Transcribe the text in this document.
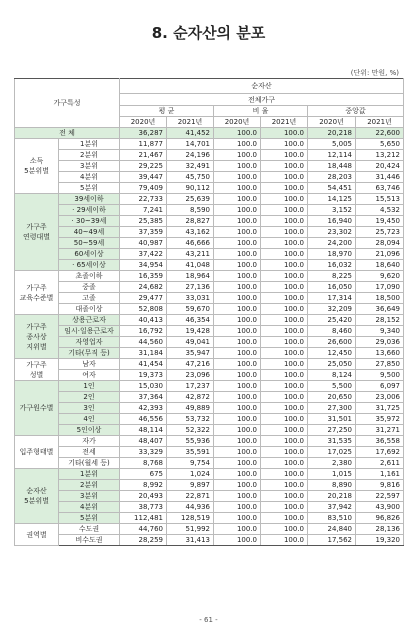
8. 순자산의 분포
(단위: 만원, %)
가구특성		순자산					
		전체가구					
		평 균		비 율		중앙값	
		2020년	2021년	2020년	2021년	2020년	2021년
전 체		36,287	41,452	100.0	100.0	20,218	22,600
소득
5분위별	1분위	11,877	14,701	100.0	100.0	5,005	5,650
	2분위	21,467	24,196	100.0	100.0	12,114	13,212
	3분위	29,225	32,491	100.0	100.0	18,448	20,424
	4분위	39,447	45,750	100.0	100.0	28,203	31,446
	5분위	79,409	90,112	100.0	100.0	54,451	63,746
가구주
연령대별	39세이하	22,733	25,639	100.0	100.0	14,125	15,513
	· 29세이하	7,241	8,590	100.0	100.0	3,152	4,532
	· 30~39세	25,385	28,827	100.0	100.0	16,940	19,450
	40~49세	37,359	43,162	100.0	100.0	23,302	25,723
	50~59세	40,987	46,666	100.0	100.0	24,200	28,094
	60세이상	37,422	43,211	100.0	100.0	18,970	21,096
	· 65세이상	34,954	41,048	100.0	100.0	16,032	18,640
가구주
교육수준별	초졸이하	16,359	18,964	100.0	100.0	8,225	9,620
	중졸	24,682	27,136	100.0	100.0	16,050	17,090
	고졸	29,477	33,031	100.0	100.0	17,314	18,500
	대졸이상	52,808	59,670	100.0	100.0	32,209	36,649
가구주
종사상
지위별	상용근로자	40,413	46,354	100.0	100.0	25,420	28,152
	임시·일용근로자	16,792	19,428	100.0	100.0	8,460	9,340
	자영업자	44,560	49,041	100.0	100.0	26,600	29,036
	기타(무직 등)	31,184	35,947	100.0	100.0	12,450	13,660
가구주
성별	남자	41,454	47,216	100.0	100.0	25,050	27,850
	여자	19,373	23,096	100.0	100.0	8,124	9,500
가구원수별	1인	15,030	17,237	100.0	100.0	5,500	6,097
	2인	37,364	42,872	100.0	100.0	20,650	23,006
	3인	42,393	49,889	100.0	100.0	27,300	31,725
	4인	46,556	53,732	100.0	100.0	31,501	35,972
	5인이상	48,114	52,322	100.0	100.0	27,250	31,271
입주형태별	자가	48,407	55,936	100.0	100.0	31,535	36,558
	전세	33,329	35,591	100.0	100.0	17,025	17,692
	기타(월세 등)	8,768	9,754	100.0	100.0	2,380	2,611
순자산
5분위별	1분위	675	1,024	100.0	100.0	1,015	1,161
	2분위	8,992	9,897	100.0	100.0	8,890	9,816
	3분위	20,493	22,871	100.0	100.0	20,218	22,597
	4분위	38,773	44,936	100.0	100.0	37,942	43,900
	5분위	112,481	128,519	100.0	100.0	83,510	96,826
권역별	수도권	44,760	51,992	100.0	100.0	24,840	28,136
	비수도권	28,259	31,413	100.0	100.0	17,562	19,320
- 61 -
